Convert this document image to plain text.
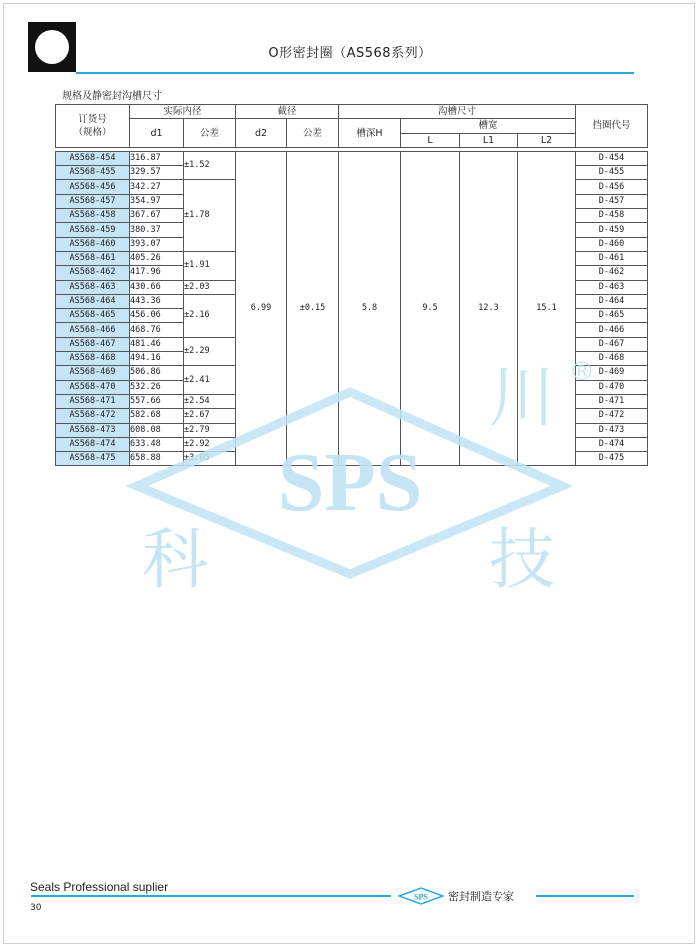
O形密封圈（AS568系列）
规格及静密封沟槽尺寸
订货号
（规格）	实际内径		截径		沟槽尺寸				挡圈代号
	d1	公差	d2	公差	槽深H	槽宽			
						L	L1	L2	

AS568-454	316.87	±1.52	6.99	±0.15	5.8	9.5	12.3	15.1	D-454
AS568-455	329.57								D-455
AS568-456	342.27	±1.78							D-456
AS568-457	354.97								D-457
AS568-458	367.67								D-458
AS568-459	380.37								D-459
AS568-460	393.07								D-460
AS568-461	405.26	±1.91							D-461
AS568-462	417.96								D-462
AS568-463	430.66	±2.03							D-463
AS568-464	443.36	±2.16							D-464
AS568-465	456.06								D-465
AS568-466	468.76								D-466
AS568-467	481.46	±2.29							D-467
AS568-468	494.16								D-468
AS568-469	506.86	±2.41							D-469
AS568-470	532.26								D-470
AS568-471	557.66	±2.54							D-471
AS568-472	582.68	±2.67							D-472
AS568-473	608.08	±2.79							D-473
AS568-474	633.48	±2.92							D-474
AS568-475	658.88	±3.05							D-475
SPS
科	技
川 ®
Seals Professional suplier
SPS 密封制造专家
30
